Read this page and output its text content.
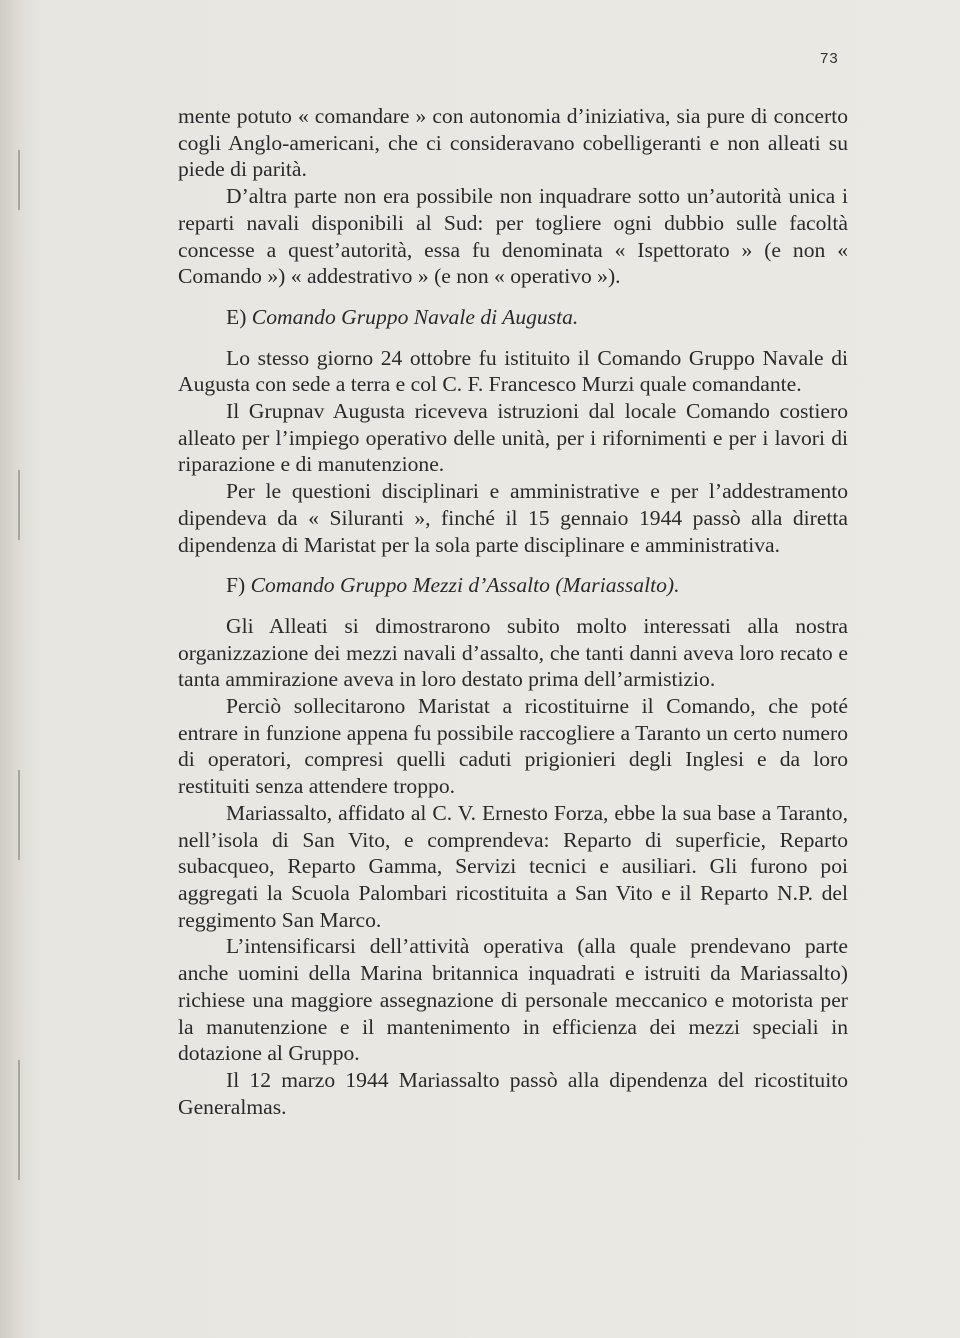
73

mente potuto « comandare » con autonomia d’iniziativa, sia pure di concerto cogli Anglo-americani, che ci consideravano cobelligeranti e non alleati su piede di parità.

D’altra parte non era possibile non inquadrare sotto un’autorità unica i reparti navali disponibili al Sud: per togliere ogni dubbio sulle facoltà concesse a quest’autorità, essa fu denominata « Ispettorato » (e non « Comando ») « addestrativo » (e non « operativo »).

E) Comando Gruppo Navale di Augusta.

Lo stesso giorno 24 ottobre fu istituito il Comando Gruppo Navale di Augusta con sede a terra e col C. F. Francesco Murzi quale comandante.

Il Grupnav Augusta riceveva istruzioni dal locale Comando costiero alleato per l’impiego operativo delle unità, per i rifornimenti e per i lavori di riparazione e di manutenzione.

Per le questioni disciplinari e amministrative e per l’addestramento dipendeva da « Siluranti », finché il 15 gennaio 1944 passò alla diretta dipendenza di Maristat per la sola parte disciplinare e amministrativa.

F) Comando Gruppo Mezzi d’Assalto (Mariassalto).

Gli Alleati si dimostrarono subito molto interessati alla nostra organizzazione dei mezzi navali d’assalto, che tanti danni aveva loro recato e tanta ammirazione aveva in loro destato prima dell’armistizio.

Perciò sollecitarono Maristat a ricostituirne il Comando, che poté entrare in funzione appena fu possibile raccogliere a Taranto un certo numero di operatori, compresi quelli caduti prigionieri degli Inglesi e da loro restituiti senza attendere troppo.

Mariassalto, affidato al C. V. Ernesto Forza, ebbe la sua base a Taranto, nell’isola di San Vito, e comprendeva: Reparto di superficie, Reparto subacqueo, Reparto Gamma, Servizi tecnici e ausiliari. Gli furono poi aggregati la Scuola Palombari ricostituita a San Vito e il Reparto N.P. del reggimento San Marco.

L’intensificarsi dell’attività operativa (alla quale prendevano parte anche uomini della Marina britannica inquadrati e istruiti da Mariassalto) richiese una maggiore assegnazione di personale meccanico e motorista per la manutenzione e il mantenimento in efficienza dei mezzi speciali in dotazione al Gruppo.

Il 12 marzo 1944 Mariassalto passò alla dipendenza del ricostituito Generalmas.
